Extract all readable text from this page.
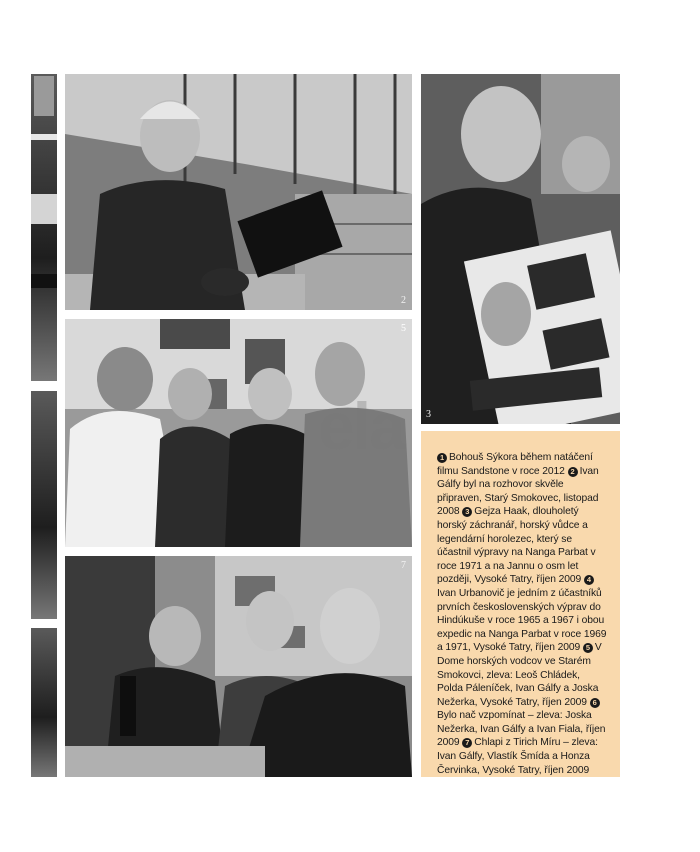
2
5
7
3
ela	1 Bohouš Sýkora během natáčení filmu Sandstone v roce 2012 2 Ivan Gálfy byl na rozhovor skvěle připraven, Starý Smokovec, listopad 2008 3 Gejza Haak, dlouholetý horský záchranář, horský vůdce a legendární horolezec, který se účastnil výpravy na Nanga Parbat v roce 1971 a na Jannu o osm let později, Vysoké Tatry, říjen 2009 4Ivan Urbanovič je jedním z účastníků prvních československých výprav do Hindúkuše v roce 1965 a 1967 i obou expedic na Nanga Parbat v roce 1969 a 1971, Vysoké Tatry, říjen 2009 5 V Dome horských vodcov ve Starém Smokovci, zleva: Leoš Chládek, Polda Páleníček, Ivan Gálfy a Joska Nežerka, Vysoké Tatry, říjen 2009 6Bylo nač vzpomínat – zleva: Joska Nežerka, Ivan Gálfy a Ivan Fiala, říjen 2009 7 Chlapi z Tirich Míru – zleva: Ivan Gálfy, Vlastík Šmída a Honza Červinka, Vysoké Tatry, říjen 2009
